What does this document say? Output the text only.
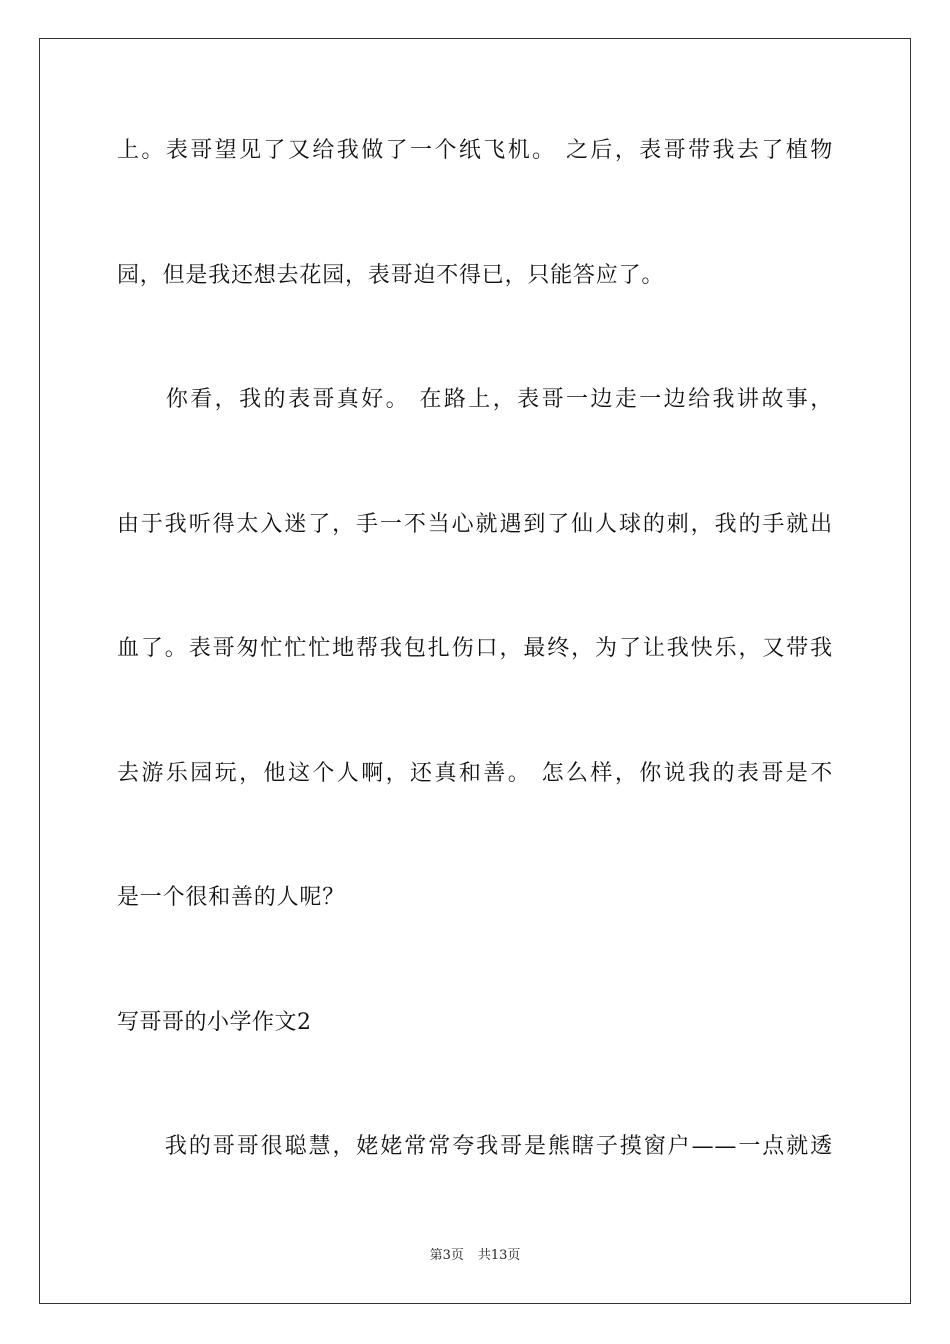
上。表哥望见了又给我做了一个纸飞机。 之后，表哥带我去了植物
园，但是我还想去花园，表哥迫不得已，只能答应了。
　　你看，我的表哥真好。 在路上，表哥一边走一边给我讲故事，
由于我听得太入迷了，手一不当心就遇到了仙人球的刺，我的手就出
血了。表哥匆忙忙忙地帮我包扎伤口，最终，为了让我快乐，又带我
去游乐园玩，他这个人啊，还真和善。 怎么样，你说我的表哥是不
是一个很和善的人呢？
写哥哥的小学作文2
　　我的哥哥很聪慧，姥姥常常夸我哥是熊瞎子摸窗户——一点就透
第3页 共13页
